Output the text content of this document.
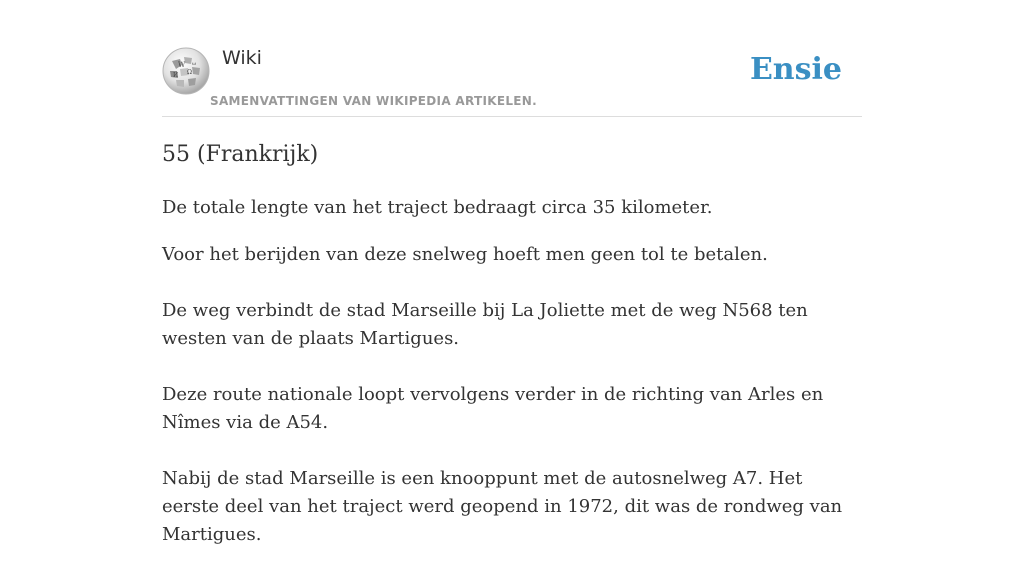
W
Ω
И
ω Wiki

SAMENVATTINGEN VAN WIKIPEDIA ARTIKELEN.
Ensie
55 (Frankrijk)

De totale lengte van het traject bedraagt circa 35 kilometer.

Voor het berijden van deze snelweg hoeft men geen tol te betalen.

De weg verbindt de stad Marseille bij La Joliette met de weg N568 ten westen van de plaats Martigues.

Deze route nationale loopt vervolgens verder in de richting van Arles en Nîmes via de A54.

Nabij de stad Marseille is een knooppunt met de autosnelweg A7. Het eerste deel van het traject werd geopend in 1972, dit was de rondweg van Martigues.
